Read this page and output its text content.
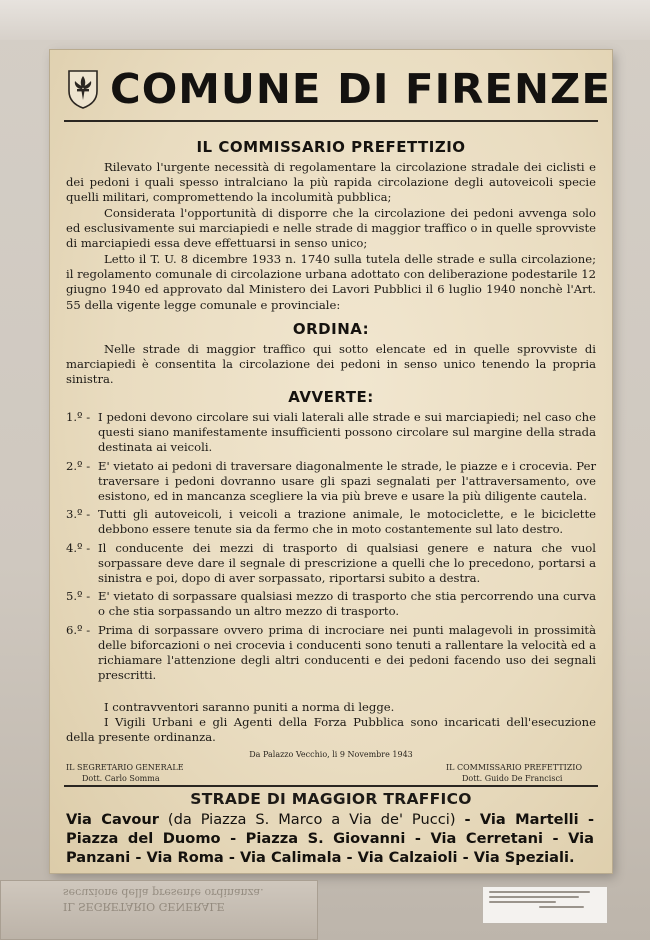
COMUNE DI FIRENZE
IL COMMISSARIO PREFETTIZIO

Rilevato l'urgente necessità di regolamentare la circolazione stradale dei ciclisti e dei pedoni i quali spesso intralciano la più rapida circolazione degli autoveicoli specie quelli militari, compromettendo la incolumità pubblica;

Considerata l'opportunità di disporre che la circolazione dei pedoni avvenga solo ed esclusivamente sui marciapiedi e nelle strade di maggior traffico o in quelle sprovviste di marciapiedi essa deve effettuarsi in senso unico;

Letto il T. U. 8 dicembre 1933 n. 1740 sulla tutela delle strade e sulla circolazione; il regolamento comunale di circolazione urbana adottato con deliberazione podestarile 12 giugno 1940 ed approvato dal Ministero dei Lavori Pubblici il 6 luglio 1940 nonchè l'Art. 55 della vigente legge comunale e provinciale:

ORDINA:

Nelle strade di maggior traffico qui sotto elencate ed in quelle sprovviste di marciapiedi è consentita la circolazione dei pedoni in senso unico tenendo la propria sinistra.

AVVERTE:
1.º - I pedoni devono circolare sui viali laterali alle strade e sui marciapiedi; nel caso che questi siano manifestamente insufficienti possono circolare sul margine della strada destinata ai veicoli.
2.º - E' vietato ai pedoni di traversare diagonalmente le strade, le piazze e i crocevia. Per traversare i pedoni dovranno usare gli spazi segnalati per l'attraversamento, ove esistono, ed in mancanza scegliere la via più breve e usare la più diligente cautela.
3.º - Tutti gli autoveicoli, i veicoli a trazione animale, le motociclette, e le biciclette debbono essere tenute sia da fermo che in moto costantemente sul lato destro.
4.º - Il conducente dei mezzi di trasporto di qualsiasi genere e natura che vuol sorpassare deve dare il segnale di prescrizione a quelli che lo precedono, portarsi a sinistra e poi, dopo di aver sorpassato, riportarsi subito a destra.
5.º - E' vietato di sorpassare qualsiasi mezzo di trasporto che stia percorrendo una curva o che stia sorpassando un altro mezzo di trasporto.
6.º - Prima di sorpassare ovvero prima di incrociare nei punti malagevoli in prossimità delle biforcazioni o nei crocevia i conducenti sono tenuti a rallentare la velocità ed a richiamare l'attenzione degli altri conducenti e dei pedoni facendo uso dei segnali prescritti.

I contravventori saranno puniti a norma di legge.

I Vigili Urbani e gli Agenti della Forza Pubblica sono incaricati dell'esecuzione della presente ordinanza.

Da Palazzo Vecchio, li 9 Novembre 1943
IL SEGRETARIO GENERALE
Dott. Carlo Somma
IL COMMISSARIO PREFETTIZIO
Dott. Guido De Francisci
STRADE DI MAGGIOR TRAFFICO
Via Cavour (da Piazza S. Marco a Via de' Pucci) - Via Martelli - Piazza del Duomo - Piazza S. Giovanni - Via Cerretani - Via Panzani - Via Roma - Via Calimala - Via Calzaioli - Via Speziali.
IL SEGRETARIO GENERALE
secuzione della presente ordinanza.
